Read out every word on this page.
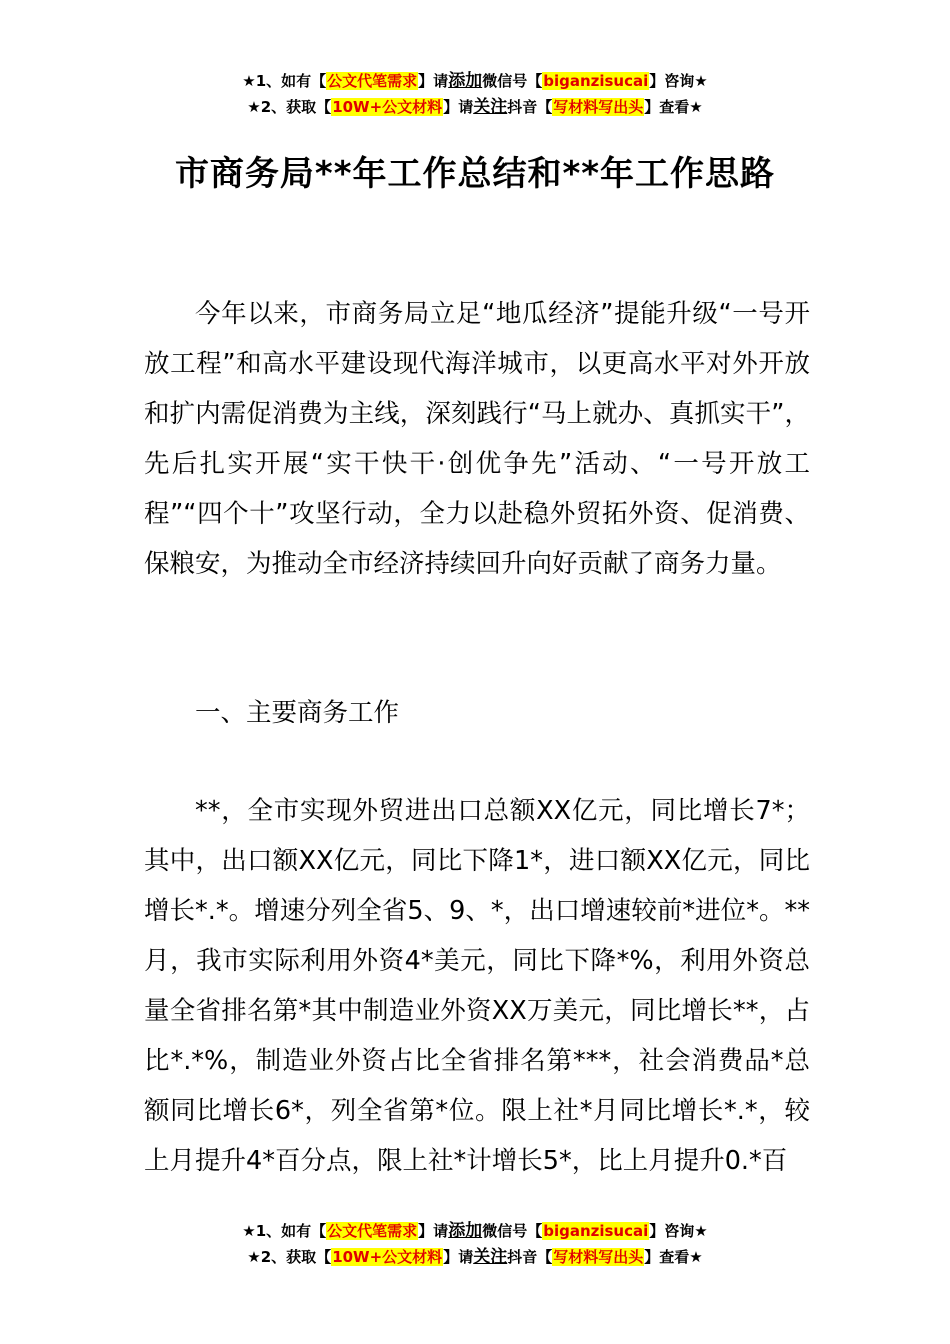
★1、如有【公文代笔需求】请添加微信号【biganzisucai】咨询★
★2、获取【10W+公文材料】请关注抖音【写材料写出头】查看★
市商务局**年工作总结和**年工作思路

今年以来，市商务局立足“地瓜经济”提能升级“一号开放工程”和高水平建设现代海洋城市，以更高水平对外开放和扩内需促消费为主线，深刻践行“马上就办、真抓实干”，先后扎实开展“实干快干·创优争先”活动、“一号开放工程”“四个十”攻坚行动，全力以赴稳外贸拓外资、促消费、保粮安，为推动全市经济持续回升向好贡献了商务力量。

一、主要商务工作

**，全市实现外贸进出口总额XX亿元，同比增长7*；其中，出口额XX亿元，同比下降1*，进口额XX亿元，同比增长*.*。增速分列全省5、9、*，出口增速较前*进位*。**月，我市实际利用外资4*美元，同比下降*%，利用外资总量全省排名第*其中制造业外资XX万美元，同比增长**，占比*.*%，制造业外资占比全省排名第***，社会消费品*总额同比增长6*，列全省第*位。限上社*月同比增长*.*，较上月提升4*百分点，限上社*计增长5*，比上月提升0.*百

★1、如有【公文代笔需求】请添加微信号【biganzisucai】咨询★
★2、获取【10W+公文材料】请关注抖音【写材料写出头】查看★
